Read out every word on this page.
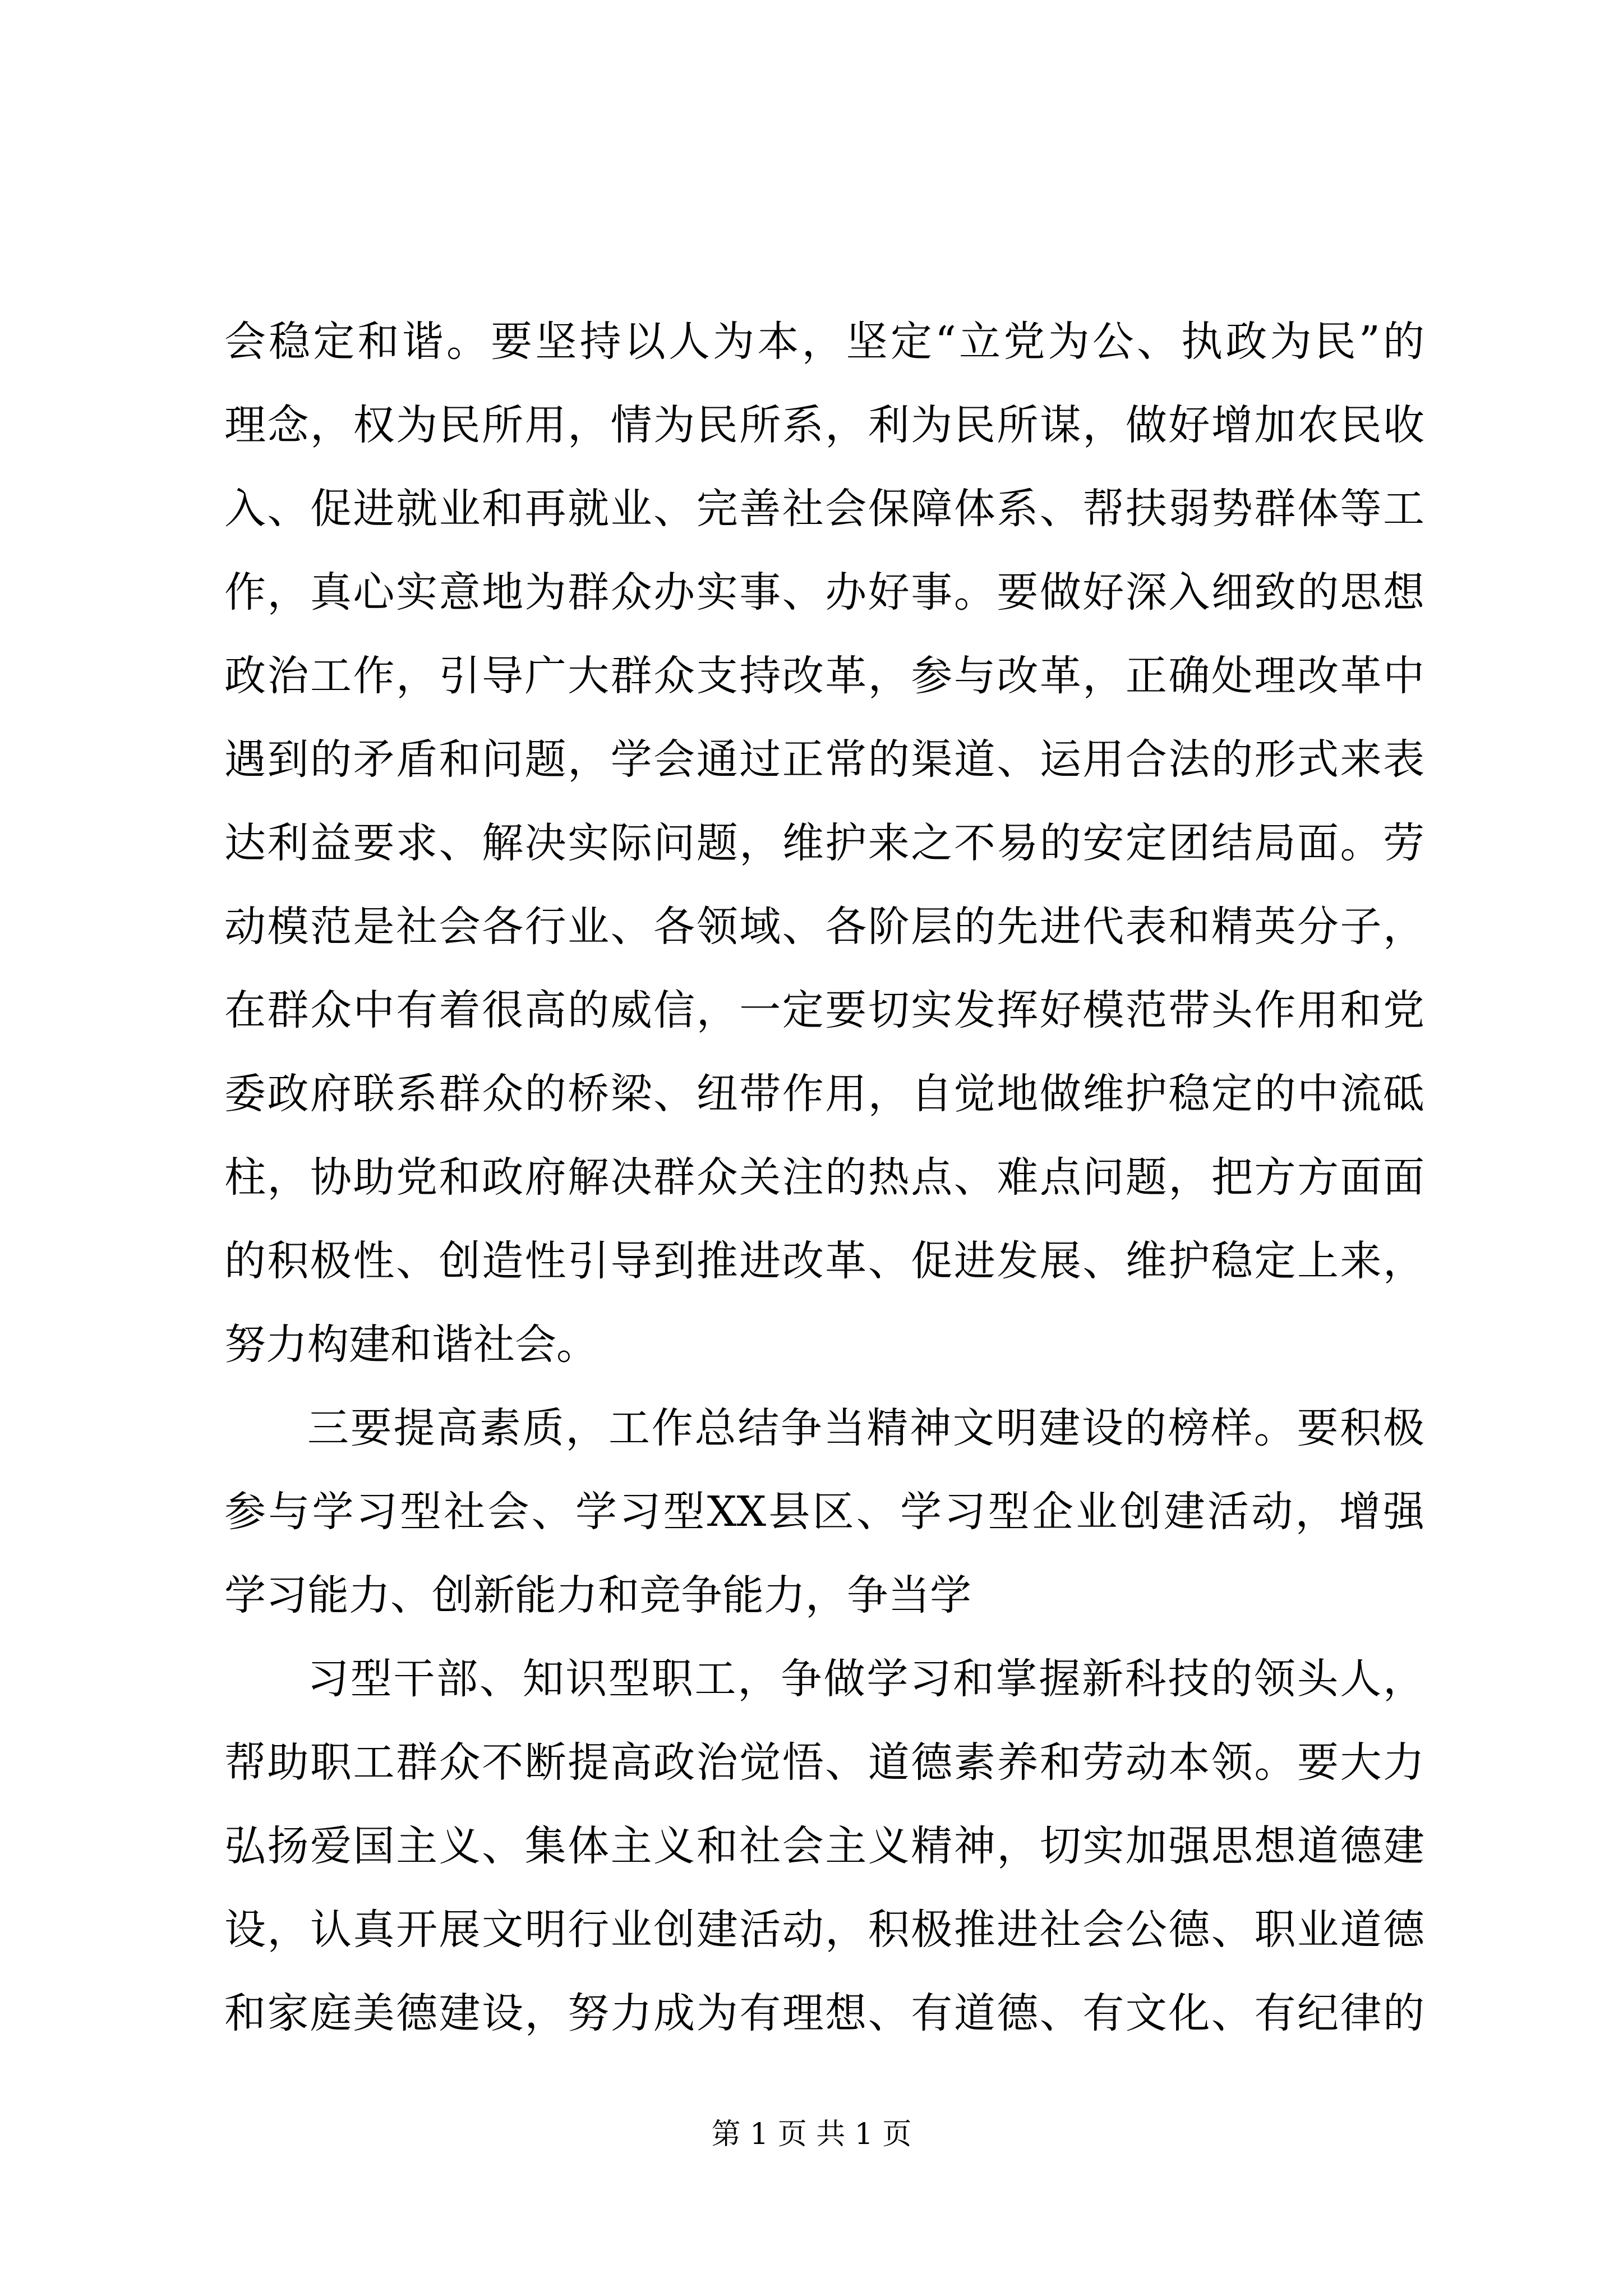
会稳定和谐。要坚持以人为本，坚定“立党为公、执政为民”的
理念，权为民所用，情为民所系，利为民所谋，做好增加农民收
入、促进就业和再就业、完善社会保障体系、帮扶弱势群体等工
作，真心实意地为群众办实事、办好事。要做好深入细致的思想
政治工作，引导广大群众支持改革，参与改革，正确处理改革中
遇到的矛盾和问题，学会通过正常的渠道、运用合法的形式来表
达利益要求、解决实际问题，维护来之不易的安定团结局面。劳
动模范是社会各行业、各领域、各阶层的先进代表和精英分子，
在群众中有着很高的威信，一定要切实发挥好模范带头作用和党
委政府联系群众的桥梁、纽带作用，自觉地做维护稳定的中流砥
柱，协助党和政府解决群众关注的热点、难点问题，把方方面面
的积极性、创造性引导到推进改革、促进发展、维护稳定上来，
努力构建和谐社会。
三要提高素质，工作总结争当精神文明建设的榜样。要积极
参与学习型社会、学习型XX县区、学习型企业创建活动，增强
学习能力、创新能力和竞争能力，争当学
习型干部、知识型职工，争做学习和掌握新科技的领头人，
帮助职工群众不断提高政治觉悟、道德素养和劳动本领。要大力
弘扬爱国主义、集体主义和社会主义精神，切实加强思想道德建
设，认真开展文明行业创建活动，积极推进社会公德、职业道德
和家庭美德建设，努力成为有理想、有道德、有文化、有纪律的
第 1 页 共 1 页
